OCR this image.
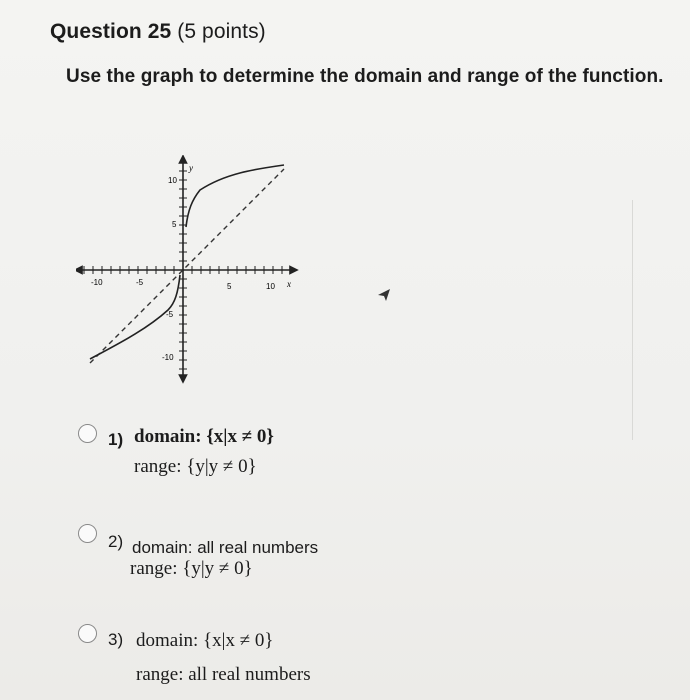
Question 25 (5 points)
Use the graph to determine the domain and range of the function.
x
y
-10	-5	5	10
10
5
-5
-10
1) domain: {x|x ≠ 0}
range: {y|y ≠ 0}
2) domain: all real numbers
range: {y|y ≠ 0}
3) domain: {x|x ≠ 0}
range: all real numbers
